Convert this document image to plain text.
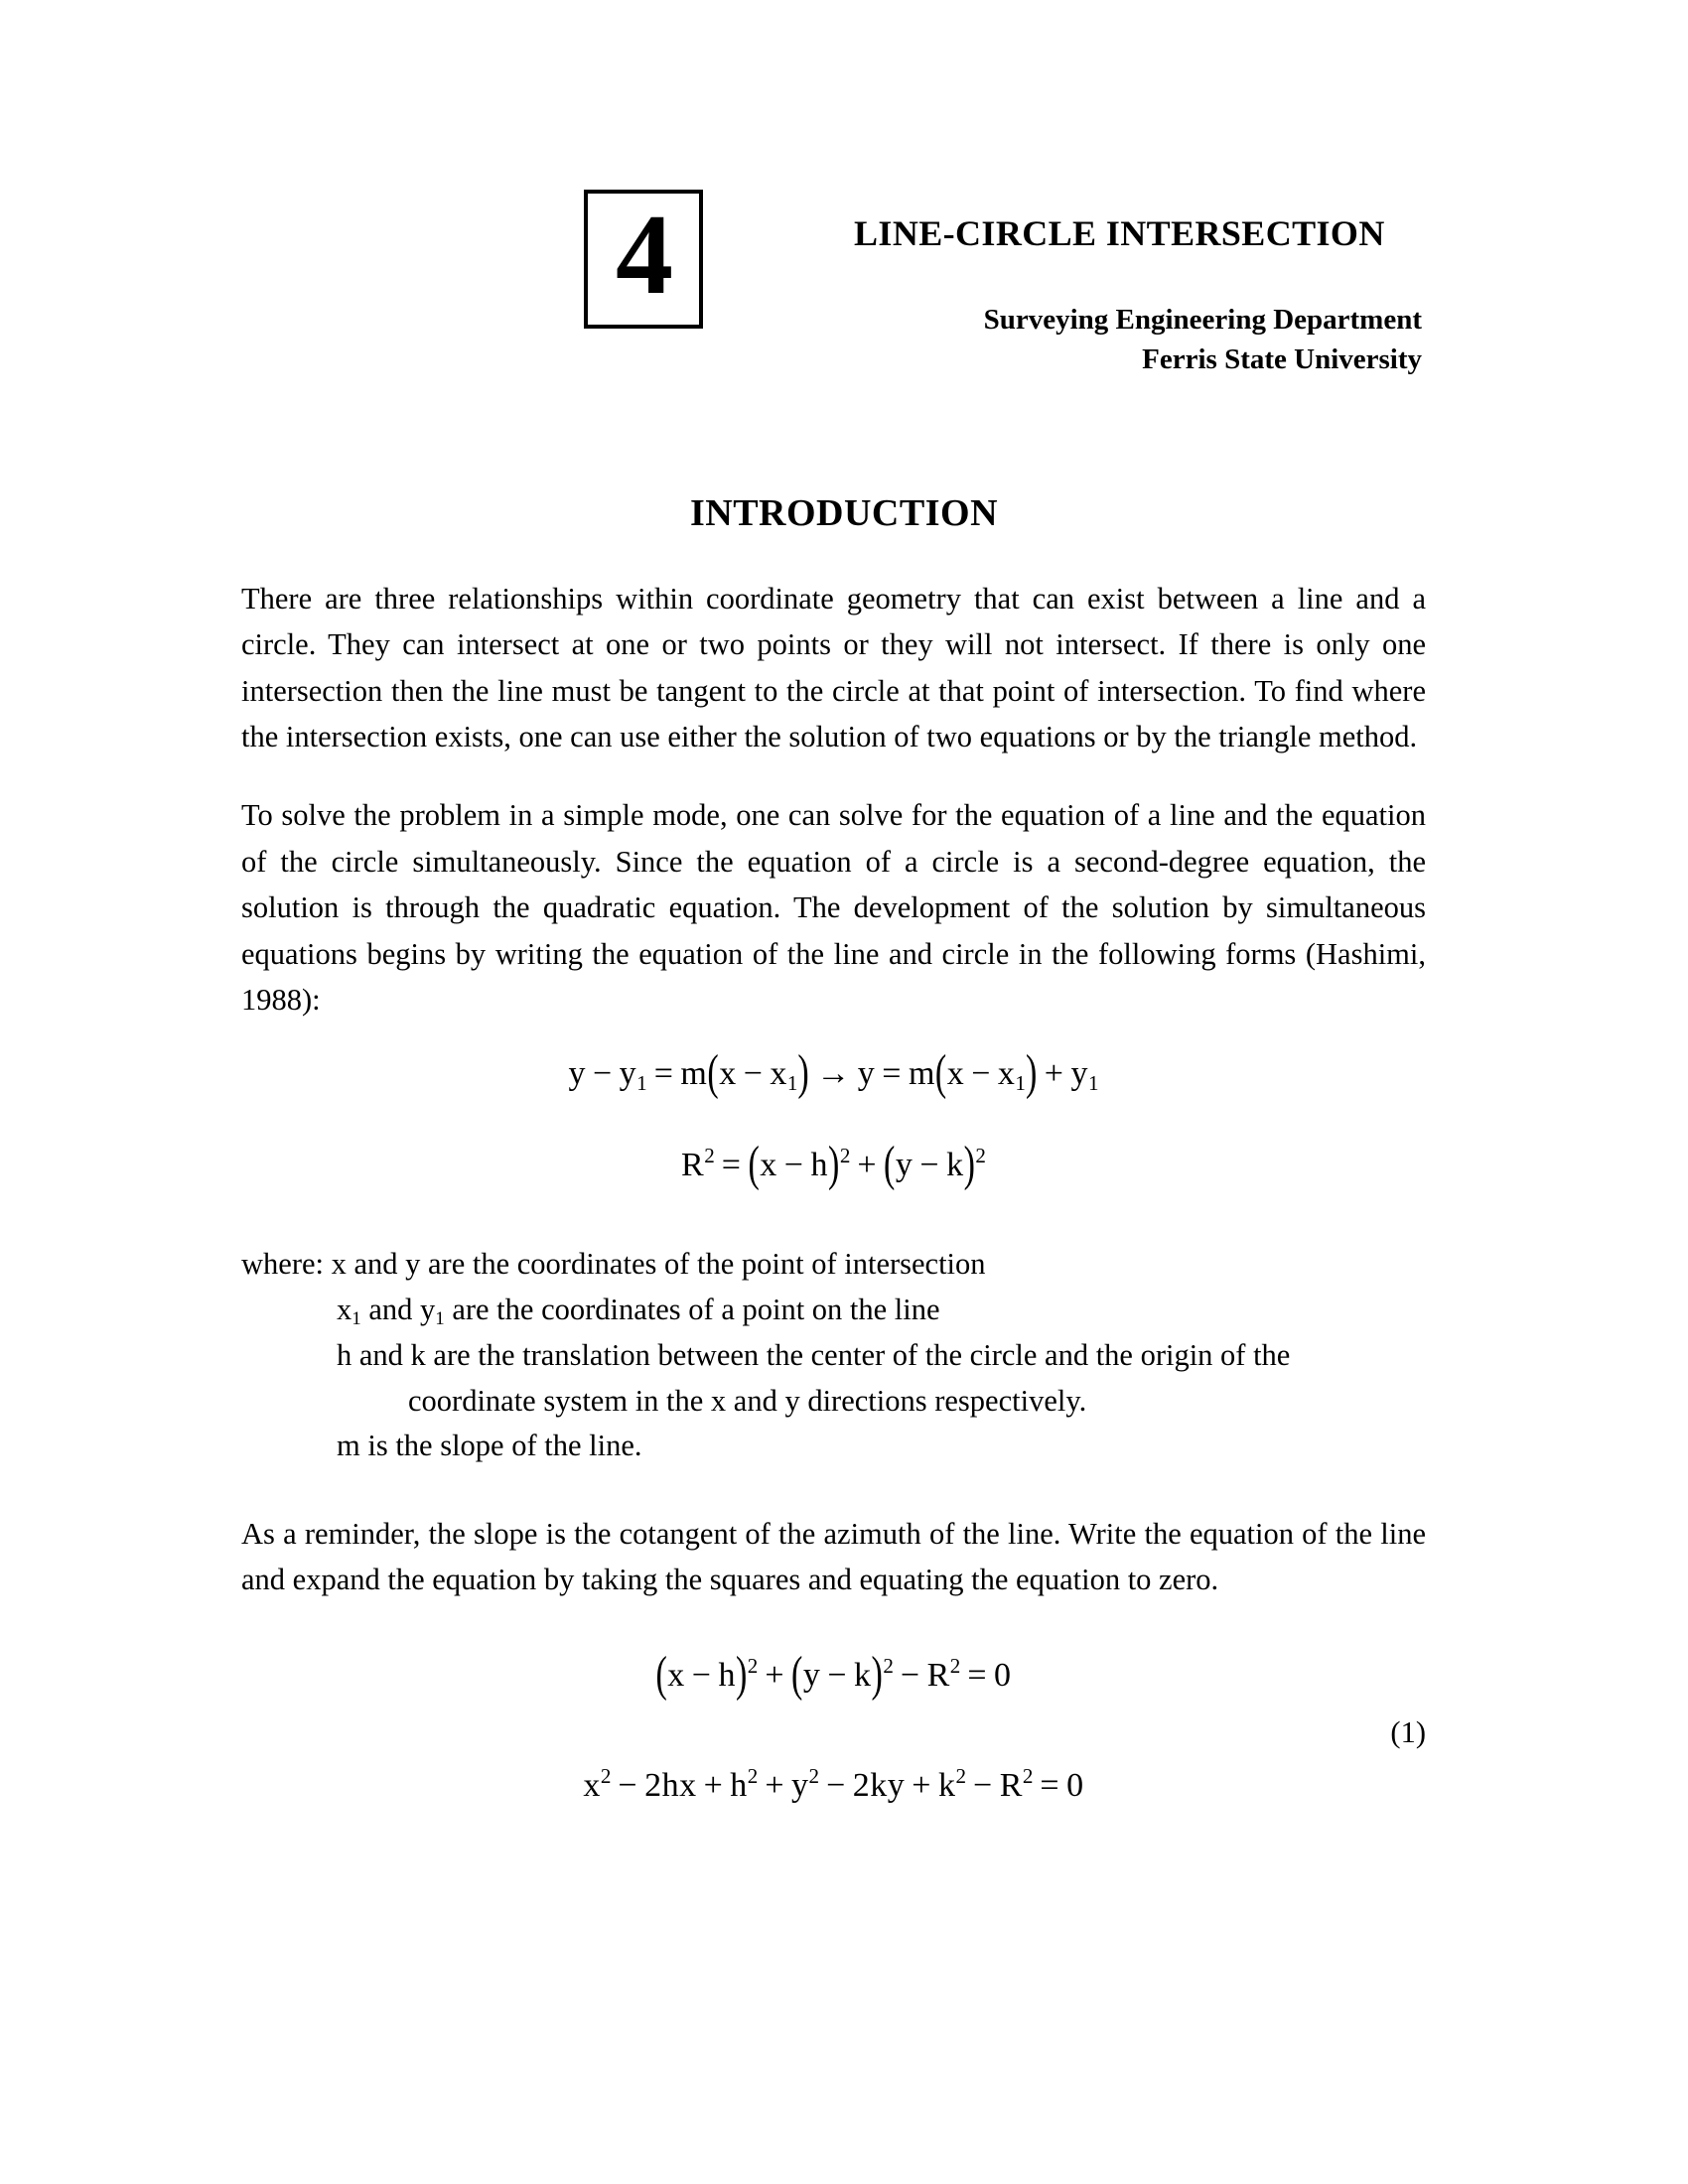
4	LINE-CIRCLE INTERSECTION
Surveying Engineering Department
Ferris State University
INTRODUCTION

There are three relationships within coordinate geometry that can exist between a line and a circle. They can intersect at one or two points or they will not intersect. If there is only one intersection then the line must be tangent to the circle at that point of intersection. To find where the intersection exists, one can use either the solution of two equations or by the triangle method.

To solve the problem in a simple mode, one can solve for the equation of a line and the equation of the circle simultaneously. Since the equation of a circle is a second-degree equation, the solution is through the quadratic equation. The development of the solution by simultaneous equations begins by writing the equation of the line and circle in the following forms (Hashimi, 1988):

$y - y_1 = m(x - x_1) \to y = m(x - x_1) + y_1$
$R^2 = (x - h)^2 + (y - k)^2$
where: x and y are the coordinates of the point of intersection
$x_1$ and $y_1$ are the coordinates of a point on the line
h and k are the translation between the center of the circle and the origin of the
coordinate system in the x and y directions respectively.
m is the slope of the line.

As a reminder, the slope is the cotangent of the azimuth of the line. Write the equation of the line and expand the equation by taking the squares and equating the equation to zero.

$(x - h)^2 + (y - k)^2 - R^2 = 0$
(1)
$x^2 - 2hx + h^2 + y^2 - 2ky + k^2 - R^2 = 0$
